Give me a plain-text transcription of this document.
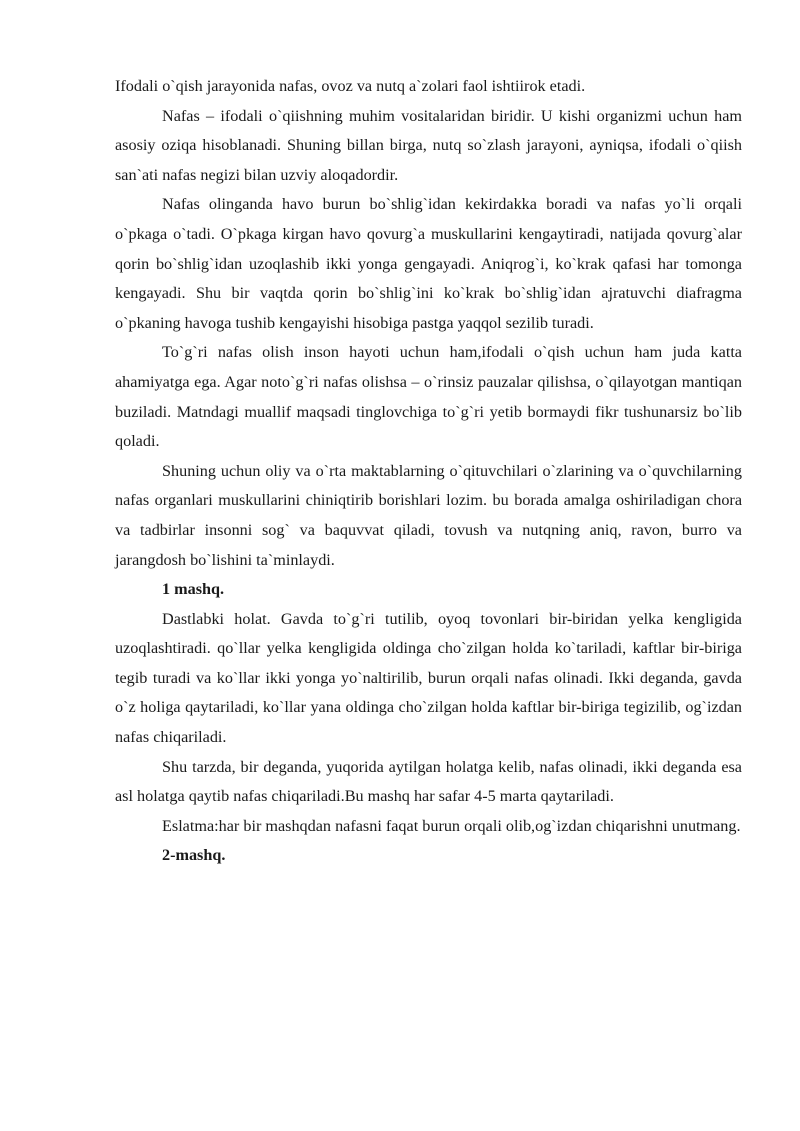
Ifodali o`qish jarayonida nafas, ovoz va nutq a`zolari faol ishtiirok etadi.

Nafas – ifodali o`qiishning muhim vositalaridan biridir. U kishi organizmi uchun ham asosiy oziqa hisoblanadi. Shuning billan birga, nutq so`zlash jarayoni, ayniqsa, ifodali o`qiish san`ati nafas negizi bilan uzviy aloqadordir.

Nafas olinganda havo burun bo`shlig`idan kekirdakka boradi va nafas yo`li orqali o`pkaga o`tadi. O`pkaga kirgan havo qovurg`a muskullarini kengaytiradi, natijada qovurg`alar qorin bo`shlig`idan uzoqlashib ikki yonga gengayadi. Aniqrog`i, ko`krak qafasi har tomonga kengayadi. Shu bir vaqtda qorin bo`shlig`ini ko`krak bo`shlig`idan ajratuvchi diafragma o`pkaning havoga tushib kengayishi hisobiga pastga yaqqol sezilib turadi.

To`g`ri nafas olish inson hayoti uchun ham,ifodali o`qish uchun ham juda katta ahamiyatga ega. Agar noto`g`ri nafas olishsa – o`rinsiz pauzalar qilishsa, o`qilayotgan mantiqan buziladi. Matndagi muallif maqsadi tinglovchiga to`g`ri yetib bormaydi fikr tushunarsiz bo`lib qoladi.

Shuning uchun oliy va o`rta maktablarning o`qituvchilari o`zlarining va o`quvchilarning nafas organlari muskullarini chiniqtirib borishlari lozim. bu borada amalga oshiriladigan chora va tadbirlar insonni sog` va baquvvat qiladi, tovush va nutqning aniq, ravon, burro va jarangdosh bo`lishini ta`minlaydi.

1 mashq.

Dastlabki holat. Gavda to`g`ri tutilib, oyoq tovonlari bir-biridan yelka kengligida uzoqlashtiradi. qo`llar yelka kengligida oldinga cho`zilgan holda ko`tariladi, kaftlar bir-biriga tegib turadi va ko`llar ikki yonga yo`naltirilib, burun orqali nafas olinadi. Ikki deganda, gavda o`z holiga qaytariladi, ko`llar yana oldinga cho`zilgan holda kaftlar bir-biriga tegizilib, og`izdan nafas chiqariladi.

Shu tarzda, bir deganda, yuqorida aytilgan holatga kelib, nafas olinadi, ikki deganda esa asl holatga qaytib nafas chiqariladi.Bu mashq har safar 4-5 marta qaytariladi.

Eslatma:har bir mashqdan nafasni faqat burun orqali olib,og`izdan chiqarishni unutmang.

2-mashq.
